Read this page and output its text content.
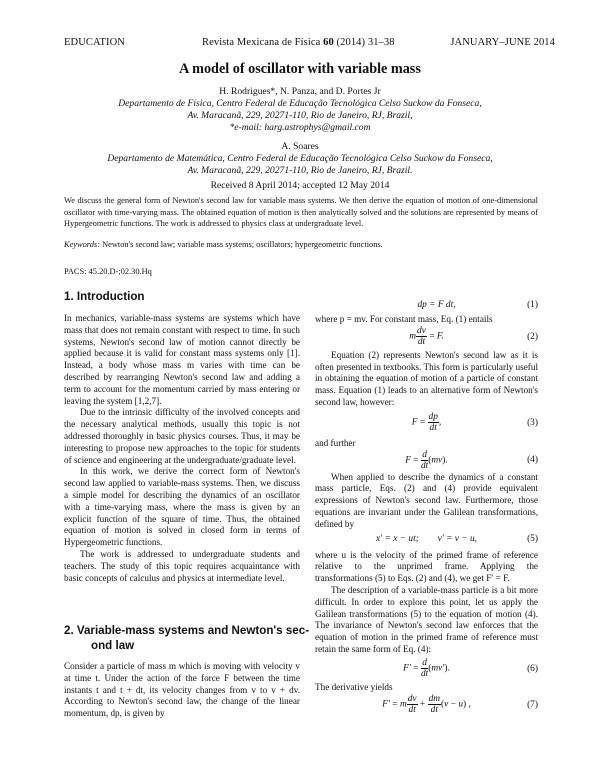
EDUCATION	Revista Mexicana de Física 60 (2014) 31–38	JANUARY–JUNE 2014
A model of oscillator with variable mass
H. Rodrigues*, N. Panza, and D. Portes Jr
Departamento de Física, Centro Federal de Educação Tecnológica Celso Suckow da Fonseca,
Av. Maracanã, 229, 20271-110, Rio de Janeiro, RJ, Brazil,
*e-mail: harg.astrophys@gmail.com
A. Soares
Departamento de Matemática, Centro Federal de Educação Tecnológica Celso Suckow da Fonseca,
Av. Maracanã, 229, 20271-110, Rio de Janeiro, RJ, Brazil.
Received 8 April 2014; accepted 12 May 2014
We discuss the general form of Newton's second law for variable mass systems. We then derive the equation of motion of one-dimensional oscillator with time-varying mass. The obtained equation of motion is then analytically solved and the solutions are represented by means of Hypergeometric functions. The work is addressed to physics class at undergraduate level.
Keywords: Newton's second law; variable mass systems; oscillators; hypergeometric functions.
PACS: 45.20.D-;02.30.Hq
1. Introduction

In mechanics, variable-mass systems are systems which have mass that does not remain constant with respect to time. In such systems, Newton's second law of motion cannot directly be applied because it is valid for constant mass systems only [1]. Instead, a body whose mass m varies with time can be described by rearranging Newton's second law and adding a term to account for the momentum carried by mass entering or leaving the system [1,2,7].

Due to the intrinsic difficulty of the involved concepts and the necessary analytical methods, usually this topic is not addressed thoroughly in basic physics courses. Thus, it may be interesting to propose new approaches to the topic for students of science and engineering at the undergraduate/graduate level.

In this work, we derive the correct form of Newton's second law applied to variable-mass systems. Then, we discuss a simple model for describing the dynamics of an oscillator with a time-varying mass, where the mass is given by an explicit function of the square of time. Thus, the obtained equation of motion is solved in closed form in terms of Hypergeometric functions.

The work is addressed to undergraduate students and teachers. The study of this topic requires acquaintance with basic concepts of calculus and physics at intermediate level.

2. Variable-mass systems and Newton's sec-
ond law

Consider a particle of mass m which is moving with velocity v at time t. Under the action of the force F between the time instants t and t + dt, its velocity changes from v to v + dv. According to Newton's second law, the change of the linear momentum, dp, is given by

dp = F dt,	(1)

where p = mv. For constant mass, Eq. (1) entails

m $\frac{dv}{dt} = F$.	(2)

Equation (2) represents Newton's second law as it is often presented in textbooks. This form is particularly useful in obtaining the equation of motion of a particle of constant mass. Equation (1) leads to an alternative form of Newton's second law, however:

$F = \frac{dp}{dt}$ ,	(3)

and further

$F = \frac{d}{dt} (mv)$.	(4)

When applied to describe the dynamics of a constant mass particle, Eqs. (2) and (4) provide equivalent expressions of Newton's second law. Furthermore, those equations are invariant under the Galilean transformations, defined by

x′ = x − ut;        v′ = v − u,	(5)

where u is the velocity of the primed frame of reference relative to the unprimed frame. Applying the transformations (5) to Eqs. (2) and (4), we get F′ = F.

The description of a variable-mass particle is a bit more difficult. In order to explore this point, let us apply the Galilean transformations (5) to the equation of motion (4). The invariance of Newton's second law enforces that the equation of motion in the primed frame of reference must retain the same form of Eq. (4):

$F' = \frac{d}{dt} (mv')$.	(6)

The derivative yields

F′ = m $\frac{dv}{dt} + \frac{dm}{dt} (v - u)$ ,	(7)
